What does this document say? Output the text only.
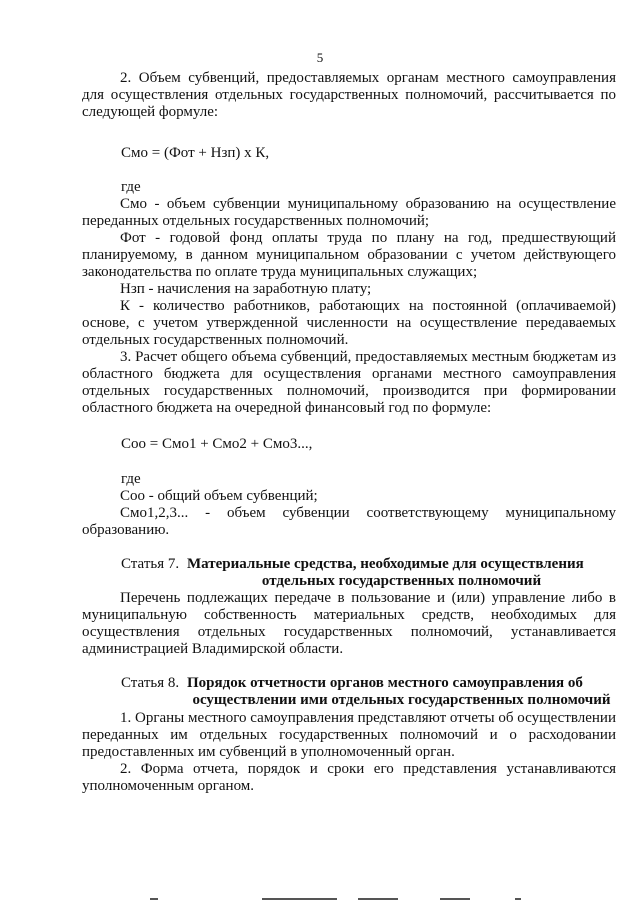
5

2. Объем субвенций, предоставляемых органам местного самоуправления для осуществления отдельных государственных полномочий, рассчитывается по следующей формуле:

Смо = (Фот + Нзп) х К,
где

Смо - объем субвенции муниципальному образованию на осуществление переданных отдельных государственных полномочий;

Фот - годовой фонд оплаты труда по плану на год, предшествующий планируемому, в данном муниципальном образовании с учетом действующего законодательства по оплате труда муниципальных служащих;

Нзп - начисления на заработную плату;

К - количество работников, работающих на постоянной (оплачиваемой) основе, с учетом утвержденной численности на осуществление передаваемых отдельных государственных полномочий.

3. Расчет общего объема субвенций, предоставляемых местным бюджетам из областного бюджета для осуществления органами местного самоуправления отдельных государственных полномочий, производится при формировании областного бюджета на очередной финансовый год по формуле:

Соо = Смо1 + Смо2 + Смо3...,
где

Соо - общий объем субвенций;

Смо1,2,3... - объем субвенции соответствующему муниципальному образованию.

Статья 7. Материальные средства, необходимые для осуществления
отдельных государственных полномочий

Перечень подлежащих передаче в пользование и (или) управление либо в муниципальную собственность материальных средств, необходимых для осуществления отдельных государственных полномочий, устанавливается администрацией Владимирской области.

Статья 8. Порядок отчетности органов местного самоуправления об
осуществлении ими отдельных государственных полномочий

1. Органы местного самоуправления представляют отчеты об осуществлении переданных им отдельных государственных полномочий и о расходовании предоставленных им субвенций в уполномоченный орган.

2. Форма отчета, порядок и сроки его представления устанавливаются уполномоченным органом.
